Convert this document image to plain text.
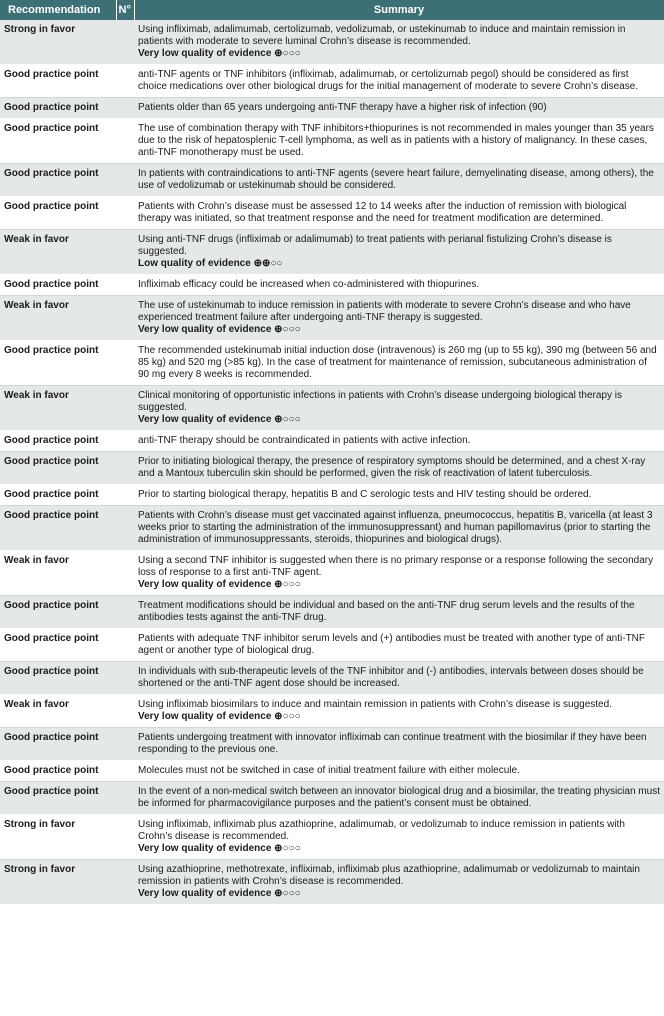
Recommendation	N°	Summary
Strong in favor		Using infliximab, adalimumab, certolizumab, vedolizumab, or ustekinumab to induce and maintain remission in patients with moderate to severe luminal Crohn’s disease is recommended.
Very low quality of evidence ⊕○○○

Good practice point		anti-TNF agents or TNF inhibitors (infliximab, adalimumab, or certolizumab pegol) should be considered as first choice medications over other biological drugs for the initial management of moderate to severe Crohn’s disease.
Good practice point		Patients older than 65 years undergoing anti-TNF therapy have a higher risk of infection (90)
Good practice point		The use of combination therapy with TNF inhibitors+thiopurines is not recommended in males younger than 35 years due to the risk of hepatosplenic T-cell lymphoma, as well as in patients with a history of malignancy. In these cases, anti-TNF monotherapy must be used.
Good practice point		In patients with contraindications to anti-TNF agents (severe heart failure, demyelinating disease, among others), the use of vedolizumab or ustekinumab should be considered.
Good practice point		Patients with Crohn’s disease must be assessed 12 to 14 weeks after the induction of remission with biological therapy was initiated, so that treatment response and the need for treatment modification are determined.
Weak in favor		Using anti-TNF drugs (infliximab or adalimumab) to treat patients with perianal fistulizing Crohn’s disease is suggested.
Low quality of evidence ⊕⊕○○

Good practice point		Infliximab efficacy could be increased when co-administered with thiopurines.
Weak in favor		The use of ustekinumab to induce remission in patients with moderate to severe Crohn’s disease and who have experienced treatment failure after undergoing anti-TNF therapy is suggested.
Very low quality of evidence ⊕○○○

Good practice point		The recommended ustekinumab initial induction dose (intravenous) is 260 mg (up to 55 kg), 390 mg (between 56 and 85 kg) and 520 mg (>85 kg). In the case of treatment for maintenance of remission, subcutaneous administration of 90 mg every 8 weeks is recommended.
Weak in favor		Clinical monitoring of opportunistic infections in patients with Crohn’s disease undergoing biological therapy is suggested.
Very low quality of evidence ⊕○○○

Good practice point		anti-TNF therapy should be contraindicated in patients with active infection.
Good practice point		Prior to initiating biological therapy, the presence of respiratory symptoms should be determined, and a chest X-ray and a Mantoux tuberculin skin should be performed, given the risk of reactivation of latent tuberculosis.
Good practice point		Prior to starting biological therapy, hepatitis B and C serologic tests and HIV testing should be ordered.
Good practice point		Patients with Crohn’s disease must get vaccinated against influenza, pneumococcus, hepatitis B, varicella (at least 3 weeks prior to starting the administration of the immunosuppressant) and human papillomavirus (prior to starting the administration of immunosuppressants, steroids, thiopurines and biological drugs).
Weak in favor		Using a second TNF inhibitor is suggested when there is no primary response or a response following the secondary loss of response to a first anti-TNF agent.
Very low quality of evidence ⊕○○○

Good practice point		Treatment modifications should be individual and based on the anti-TNF drug serum levels and the results of the antibodies tests against the anti-TNF drug.
Good practice point		Patients with adequate TNF inhibitor serum levels and (+) antibodies must be treated with another type of anti-TNF agent or another type of biological drug.
Good practice point		In individuals with sub-therapeutic levels of the TNF inhibitor and (-) antibodies, intervals between doses should be shortened or the anti-TNF agent dose should be increased.
Weak in favor		Using infliximab biosimilars to induce and maintain remission in patients with Crohn’s disease is suggested.
Very low quality of evidence ⊕○○○

Good practice point		Patients undergoing treatment with innovator infliximab can continue treatment with the biosimilar if they have been responding to the previous one.
Good practice point		Molecules must not be switched in case of initial treatment failure with either molecule.
Good practice point		In the event of a non-medical switch between an innovator biological drug and a biosimilar, the treating physician must be informed for pharmacovigilance purposes and the patient’s consent must be obtained.
Strong in favor		Using infliximab, infliximab plus azathioprine, adalimumab, or vedolizumab to induce remission in patients with Crohn’s disease is recommended.
Very low quality of evidence ⊕○○○

Strong in favor		Using azathioprine, methotrexate, infliximab, infliximab plus azathioprine, adalimumab or vedolizumab to maintain remission in patients with Crohn’s disease is recommended.
Very low quality of evidence ⊕○○○
